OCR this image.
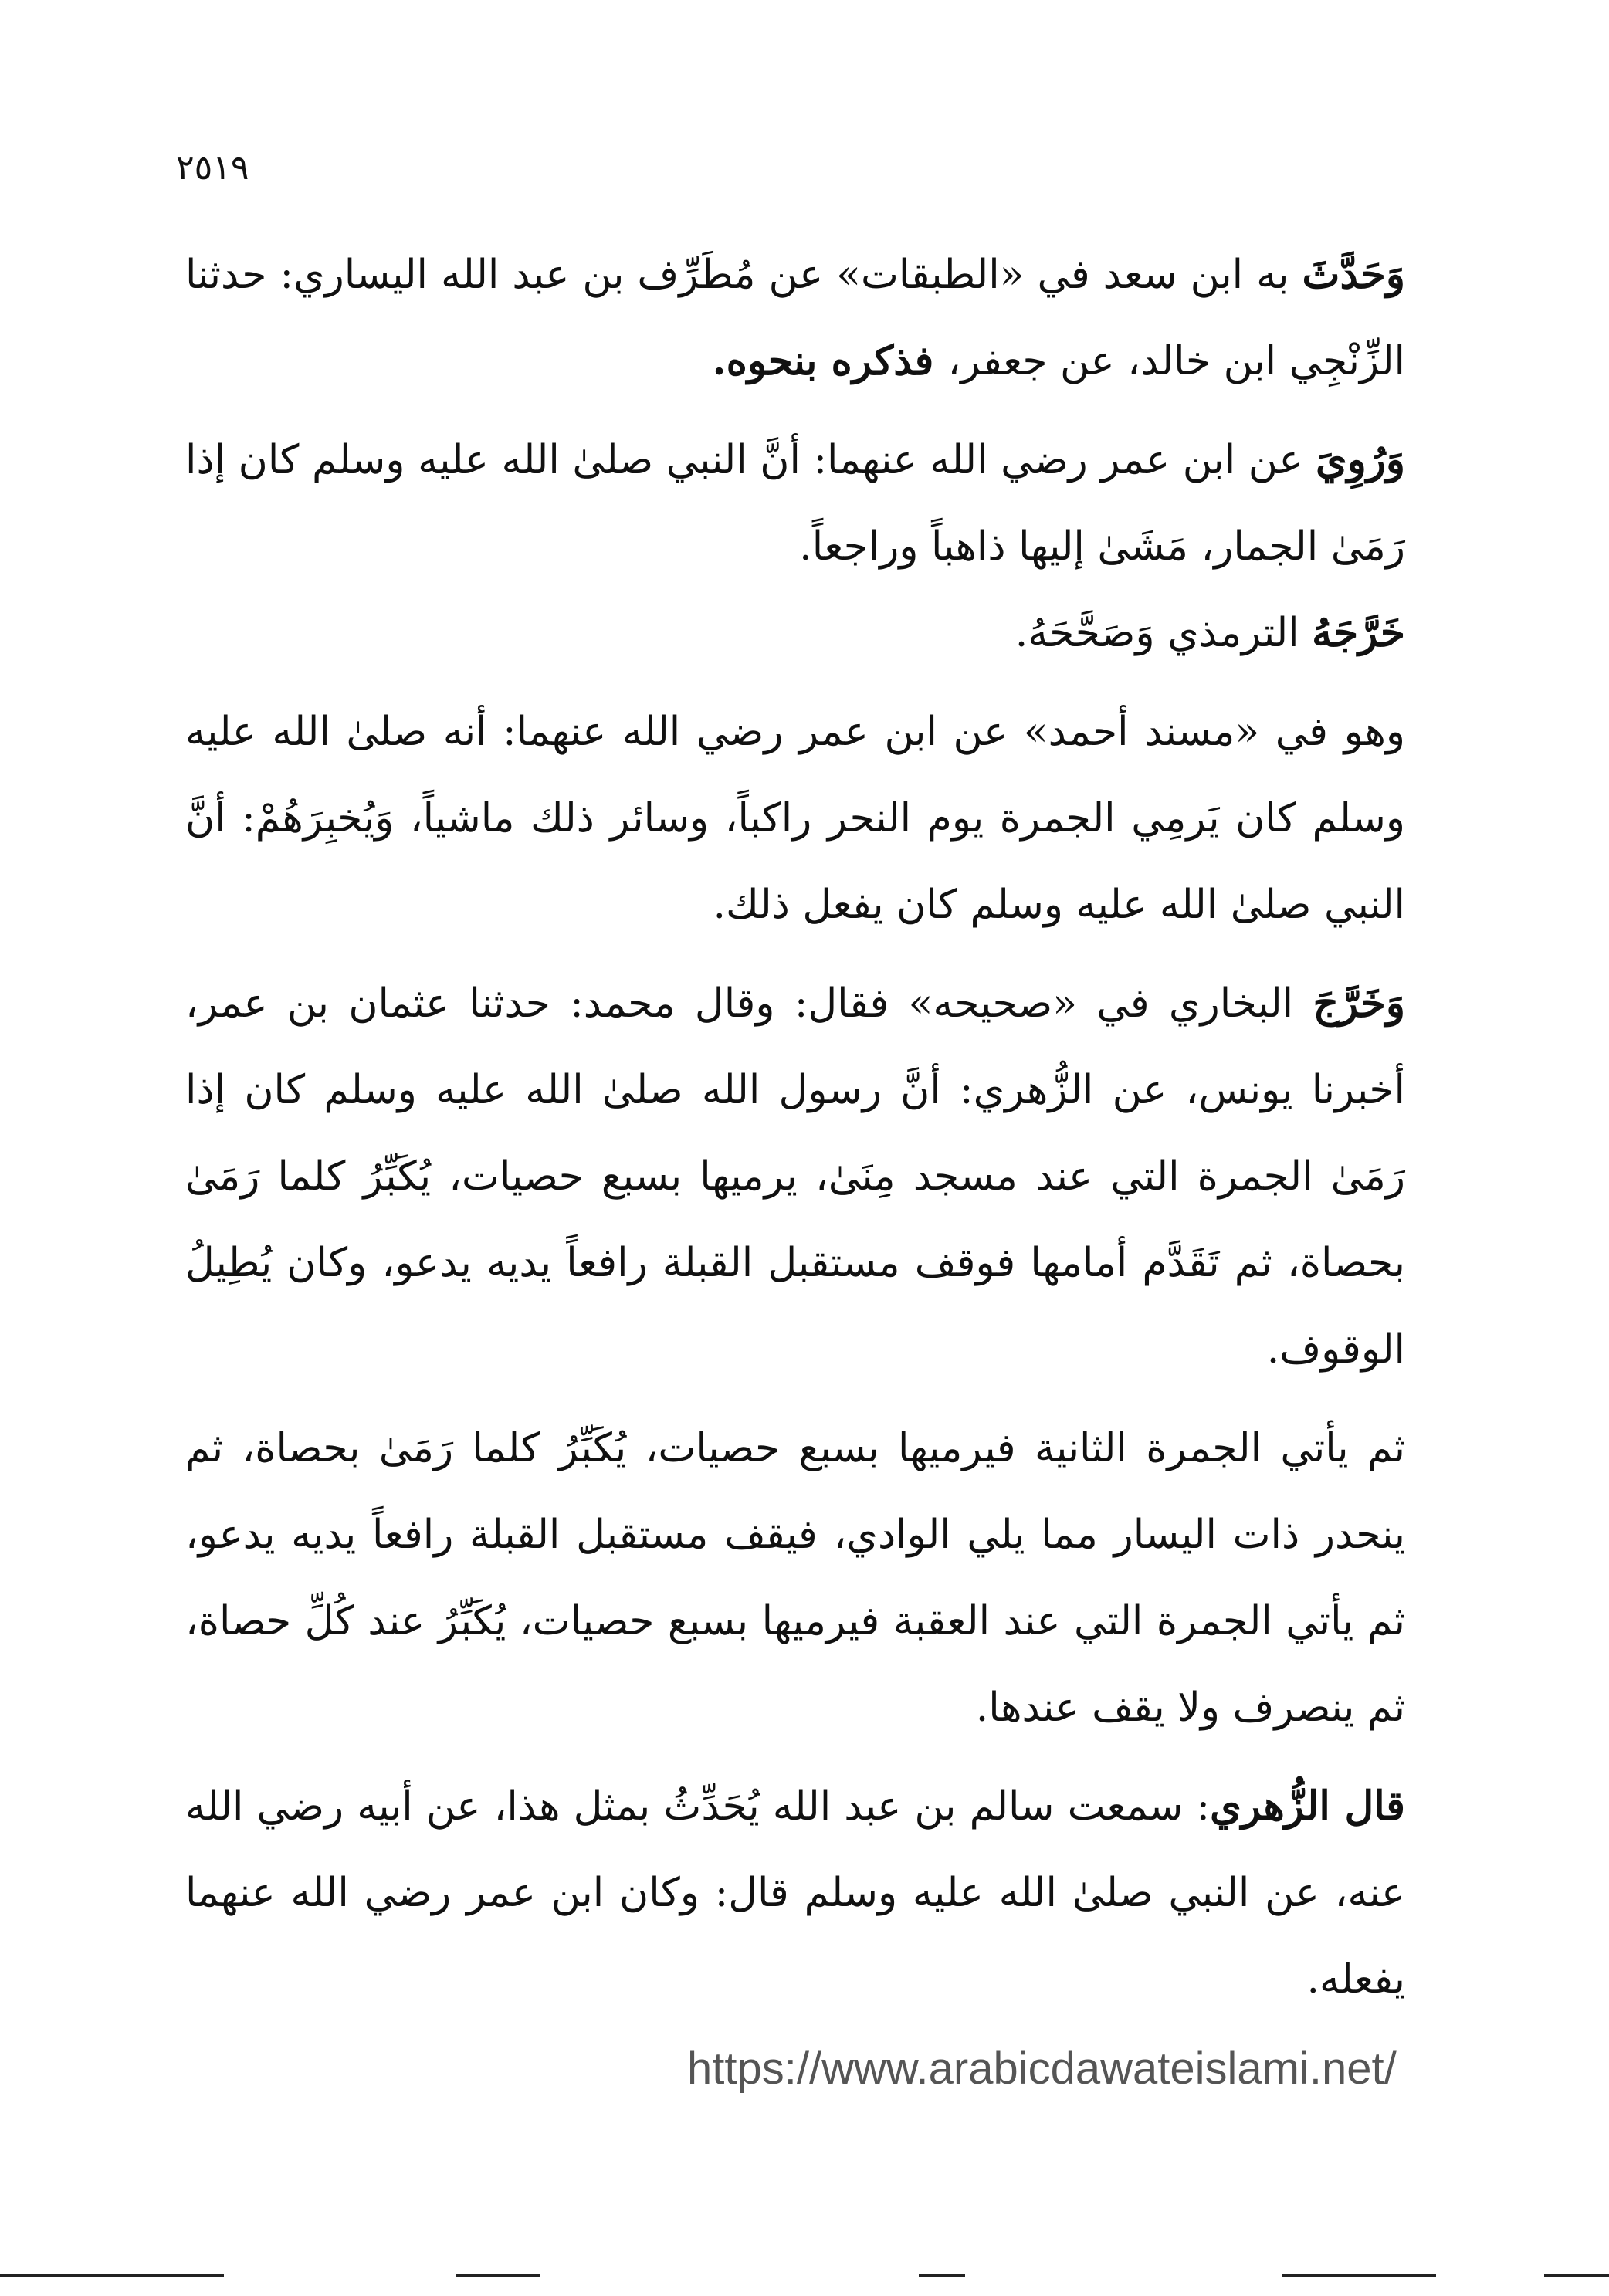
٢٥١٩

وَحَدَّثَ به ابن سعد في «الطبقات» عن مُطَرِّف بن عبد الله اليساري: حدثنا الزِّنْجِي ابن خالد، عن جعفر، فذكره بنحوه.

وَرُوِيَ عن ابن عمر رضي الله عنهما: أنَّ النبي صلىٰ الله عليه وسلم كان إذا رَمَىٰ الجمار، مَشَىٰ إليها ذاهباً وراجعاً.

خَرَّجَهُ الترمذي وَصَحَّحَهُ.

وهو في «مسند أحمد» عن ابن عمر رضي الله عنهما: أنه صلىٰ الله عليه وسلم كان يَرمِي الجمرة يوم النحر راكباً، وسائر ذلك ماشياً، وَيُخبِرَهُمْ: أنَّ النبي صلىٰ الله عليه وسلم كان يفعل ذلك.

وَخَرَّجَ البخاري في «صحيحه» فقال: وقال محمد: حدثنا عثمان بن عمر، أخبرنا يونس، عن الزُّهري: أنَّ رسول الله صلىٰ الله عليه وسلم كان إذا رَمَىٰ الجمرة التي عند مسجد مِنَىٰ، يرميها بسبع حصيات، يُكَبِّرُ كلما رَمَىٰ بحصاة، ثم تَقَدَّم أمامها فوقف مستقبل القبلة رافعاً يديه يدعو، وكان يُطِيلُ الوقوف.

ثم يأتي الجمرة الثانية فيرميها بسبع حصيات، يُكَبِّرُ كلما رَمَىٰ بحصاة، ثم ينحدر ذات اليسار مما يلي الوادي، فيقف مستقبل القبلة رافعاً يديه يدعو، ثم يأتي الجمرة التي عند العقبة فيرميها بسبع حصيات، يُكَبِّرُ عند كُلِّ حصاة، ثم ينصرف ولا يقف عندها.

قال الزُّهري: سمعت سالم بن عبد الله يُحَدِّثُ بمثل هذا، عن أبيه رضي الله عنه، عن النبي صلىٰ الله عليه وسلم قال: وكان ابن عمر رضي الله عنهما يفعله.

https://www.arabicdawateislami.net/
